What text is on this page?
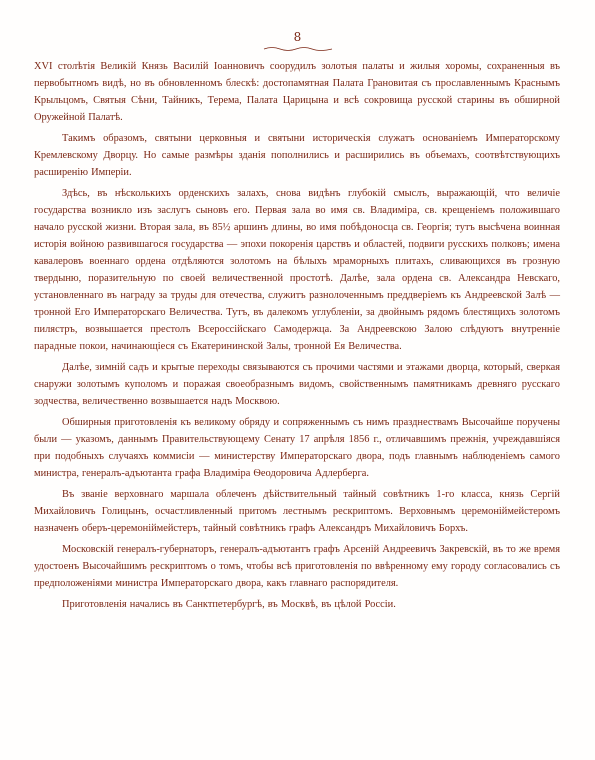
8

XVI столѣтія Великій Князь Василій Іоанновичъ соорудилъ золотыя палаты и жилыя хоромы, сохраненныя въ первобытномъ видѣ, но въ обновленномъ блескѣ: достопамятная Палата Грановитая съ прославленнымъ Краснымъ Крыльцомъ, Святыя Сѣни, Тайникъ, Терема, Палата Царицына и всѣ сокровища русской старины въ обширной Оружейной Палатѣ.

Такимъ образомъ, святыни церковныя и святыни историческія служатъ основаніемъ Императорскому Кремлевскому Дворцу. Но самые размѣры зданія пополнились и расширились въ объемахъ, соотвѣтствующихъ расширенію Имперіи.

Здѣсь, въ нѣсколькихъ орденскихъ залахъ, снова видѣнъ глубокій смыслъ, выражающій, что величіе государства возникло изъ заслугъ сыновъ его. Первая зала во имя св. Владиміра, св. крещеніемъ положившаго начало русской жизни. Вторая зала, въ 85½ аршинъ длины, во имя побѣдоносца св. Георгія; тутъ высѣчена воинная исторія войною развившагося государства — эпохи покоренія царствъ и областей, подвиги русскихъ полковъ; имена кавалеровъ военнаго ордена отдѣляются золотомъ на бѣлыхъ мраморныхъ плитахъ, сливающихся въ грозную твердыню, поразительную по своей величественной простотѣ. Далѣе, зала ордена св. Александра Невскаго, установленнаго въ награду за труды для отечества, служитъ разнолоченнымъ преддверіемъ къ Андреевской Залѣ — тронной Его Императорскаго Величества. Тутъ, въ далекомъ углубленіи, за двойнымъ рядомъ блестящихъ золотомъ пилястръ, возвышается престолъ Всероссійскаго Самодержца. За Андреевскою Залою слѣдуютъ внутренніе парадные покои, начинающіеся съ Екатерининской Залы, тронной Ея Величества.

Далѣе, зимній садъ и крытые переходы связываются съ прочими частями и этажами дворца, который, сверкая снаружи золотымъ куполомъ и поражая своеобразнымъ видомъ, свойственнымъ памятникамъ древняго русскаго зодчества, величественно возвышается надъ Москвою.

Обширныя приготовленія къ великому обряду и сопряженнымъ съ нимъ празднествамъ Высочайше поручены были — указомъ, даннымъ Правительствующему Сенату 17 апрѣля 1856 г., отличавшимъ прежнія, учреждавшіяся при подобныхъ случаяхъ коммисіи — министерству Императорскаго двора, подъ главнымъ наблюденіемъ самого министра, генералъ-адъютанта графа Владиміра Ѳеодоровича Адлерберга.

Въ званіе верховнаго маршала облеченъ дѣйствительный тайный совѣтникъ 1-го класса, князь Сергій Михайловичъ Голицынъ, осчастливленный притомъ лестнымъ рескриптомъ. Верховнымъ церемоніймейстеромъ назначенъ оберъ-церемоніймейстеръ, тайный совѣтникъ графъ Александръ Михайловичъ Борхъ.

Московскій генералъ-губернаторъ, генералъ-адъютантъ графъ Арсеній Андреевичъ Закревскій, въ то же время удостоенъ Высочайшимъ рескриптомъ о томъ, чтобы всѣ приготовленія по ввѣренному ему городу согласовались съ предположеніями министра Императорскаго двора, какъ главнаго распорядителя.

Приготовленія начались въ Санктпетербургѣ, въ Москвѣ, въ цѣлой Россіи.
